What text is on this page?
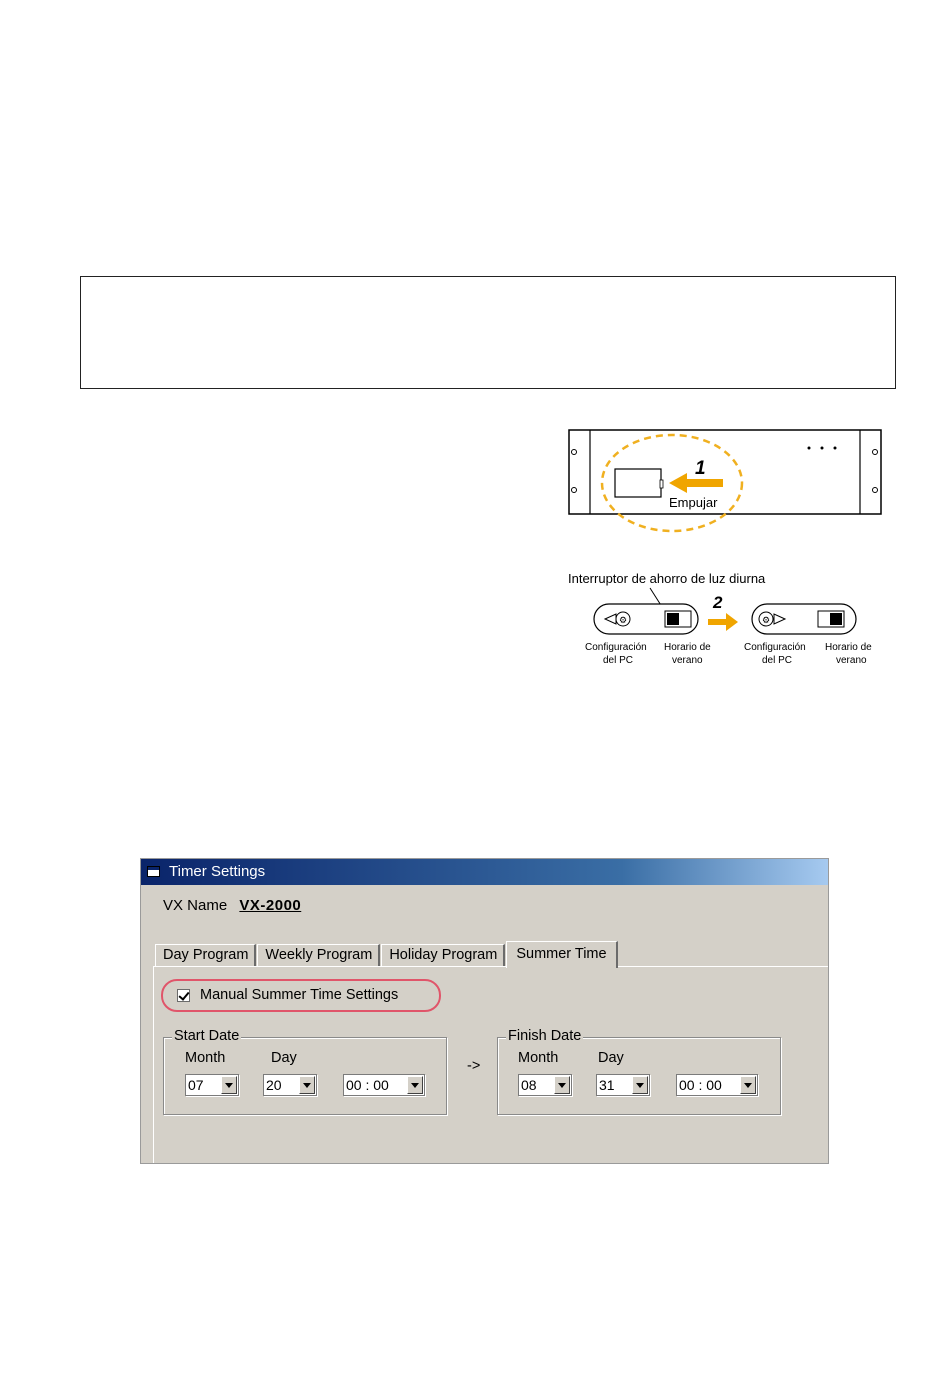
1
Empujar
Interruptor de ahorro de luz diurna
⚙
2
⚙
Configuración
del PC
Horario de
verano
Configuración
del PC
Horario de
verano
Timer Settings
VX Name VX-2000
Day Program	Weekly Program	Holiday Program	Summer Time
Manual Summer Time Settings
Start Date
Month	Day
07	20	00 : 00
->
Finish Date
Month	Day
08	31	00 : 00
